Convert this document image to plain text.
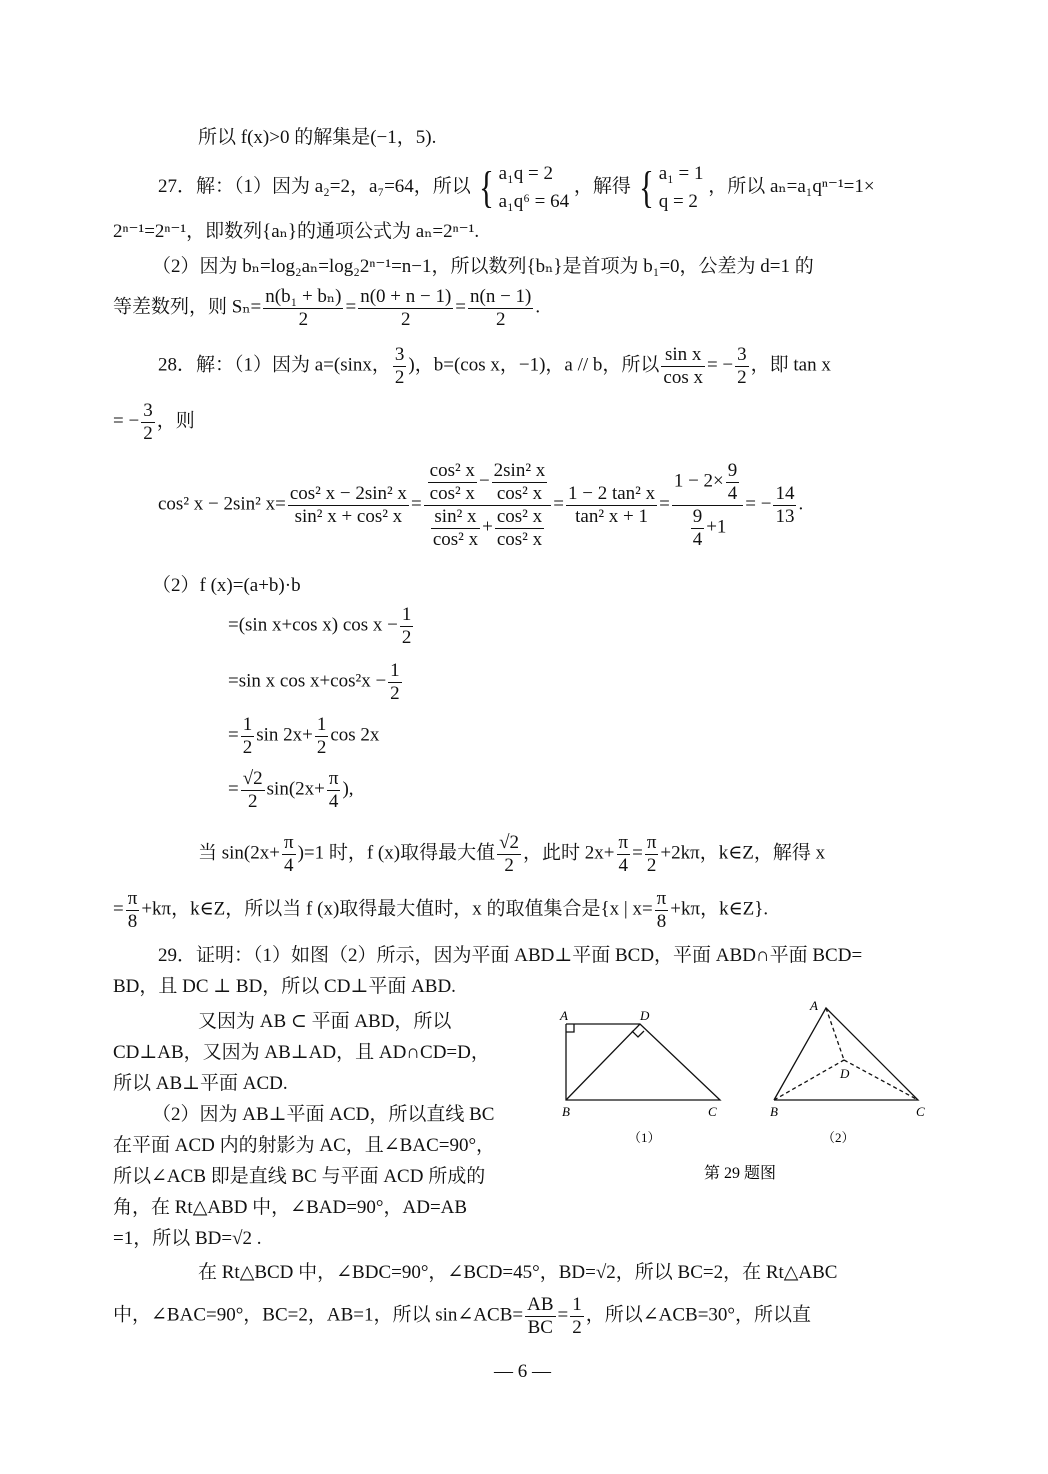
所以 f(x)>0 的解集是(−1，5).
27．解：（1）因为 a₂=2，a₇=64，所以 { a₁q = 2
a₁q⁶ = 64 ，解得 { a₁ = 1
q = 2 ，所以 aₙ=a₁qⁿ⁻¹=1×
2ⁿ⁻¹=2ⁿ⁻¹，即数列{aₙ}的通项公式为 aₙ=2ⁿ⁻¹.
（2）因为 bₙ=log₂aₙ=log₂2ⁿ⁻¹=n−1，所以数列{bₙ}是首项为 b₁=0，公差为 d=1 的
等差数列，则 $S_n= \frac{\text{n(b₁ + bₙ)}}{2} = \frac{n(0 + n - 1)}{2} = \frac{n(n - 1)}{2}$ .
28．解：（1）因为 a=(sinx， $\frac{3}{2}$ )，b=(cos x，−1)，a // b，所以 $\frac{\text{sin x}}{\text{cos x}}$ = − $\frac{3}{2}$ ，即 tan x
= − $\frac{3}{2}$ ，则
cos² x − 2sin² $x= \frac{\text{cos² x − 2sin² x}}{\text{sin² x + cos² x}} = \frac{\frac{\text{cos² x}}{\text{cos² x}} - \frac{\text{2sin² x}}{\text{cos² x}}}{\frac{\text{sin² x}}{\text{cos² x}} + \frac{\text{cos² x}}{\text{cos² x}}} = \frac{\text{1 − 2 tan² x}}{\text{tan² x + 1}} = \frac{1 - 2\times \frac{9}{4}}{\frac{9}{4} +1}$ = − $\frac{14}{13}$ .
（2）f (x)=(a+b)·b
=(sin x+cos x) $\cos x - \frac{1}{2}$
=sin x $\cos x+\cos^2x - \frac{1}{2}$
= $\frac{1}{2}$ $\sin 2x+ \frac{1}{2}$ cos 2x
= $\frac{√2}{2} \sin(2x+ \frac{\pi}{4}$ ),
当 $\sin(2x+ \frac{\pi}{4} )=1$ 时，f (x)取得最大值 $\frac{√2}{2}$ ，此时 $2x+ \frac{\pi}{4} = \frac{\pi}{2} +2k\pi$，k∈Z，解得 x
= $\frac{\pi}{8} +k\pi$，k∈Z，所以当 f (x)取得最大值时，x 的取值集合是{x | $x= \frac{\pi}{8} +k\pi$，k∈Z}.
29．证明：（1）如图（2）所示，因为平面 ABD⊥平面 BCD，平面 ABD∩平面 BCD=
BD，且 DC ⊥ BD，所以 CD⊥平面 ABD.
又因为 AB ⊂ 平面 ABD，所以
CD⊥AB，又因为 AB⊥AD，且 AD∩CD=D，
所以 AB⊥平面 ACD.
（2）因为 AB⊥平面 ACD，所以直线 BC
在平面 ACD 内的射影为 AC，且∠BAC=90°，
所以∠ACB 即是直线 BC 与平面 ACD 所成的
角，在 Rt△ABD 中，∠BAD=90°，AD=AB
=1，所以 BD=√2 .
在 Rt△BCD 中，∠BDC=90°，∠BCD=45°，BD=√2，所以 BC=2，在 Rt△ABC
中，∠BAC=90°，BC=2，AB=1，所以 sin∠ACB= $\frac{AB}{BC} = \frac{1}{2}$ ，所以∠ACB=30°，所以直
A	D
B	C
（1）
A
D
B	C
（2）
第 29 题图
— 6 —
